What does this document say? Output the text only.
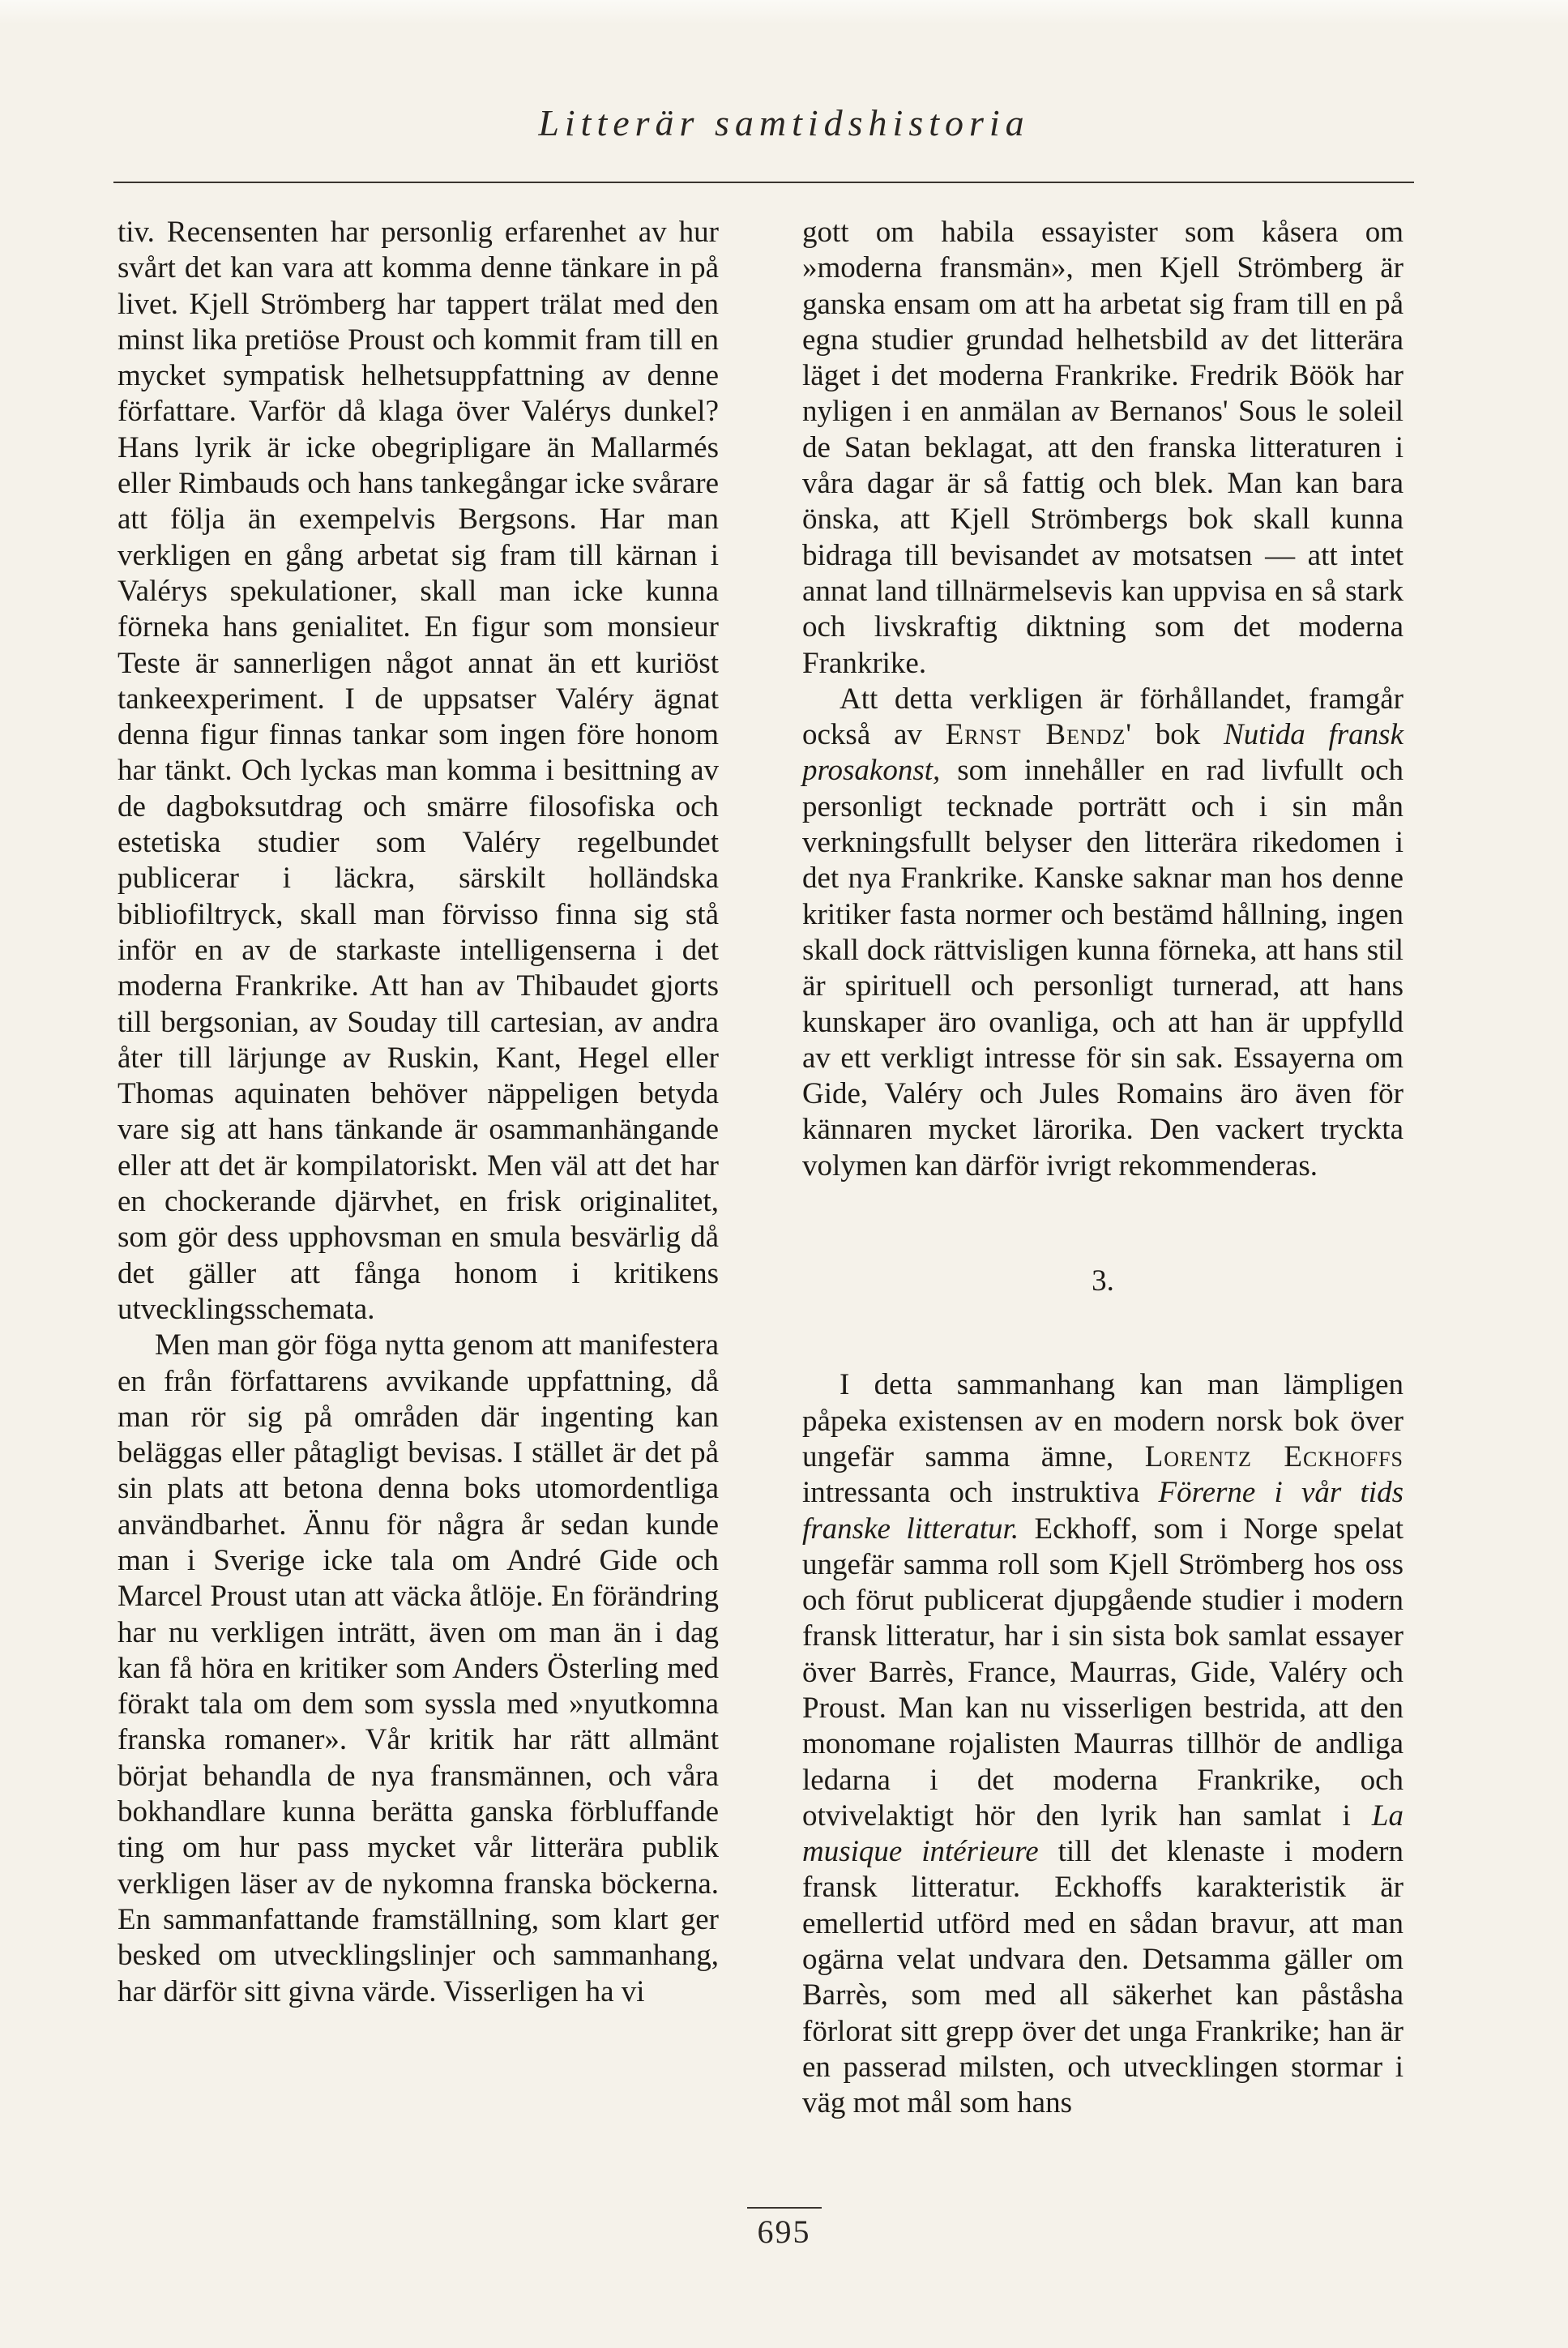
Litterär samtidshistoria

tiv. Recensenten har personlig erfarenhet av hur svårt det kan vara att komma denne tänkare in på livet. Kjell Strömberg har tappert trälat med den minst lika pretiöse Proust och kommit fram till en mycket sympatisk helhetsuppfattning av denne författare. Varför då klaga över Valérys dunkel? Hans lyrik är icke obegripligare än Mallarmés eller Rimbauds och hans tankegångar icke svårare att följa än exempelvis Bergsons. Har man verkligen en gång arbetat sig fram till kärnan i Valérys spekulationer, skall man icke kunna förneka hans genialitet. En figur som monsieur Teste är sannerligen något annat än ett kuriöst tankeexperiment. I de uppsatser Valéry ägnat denna figur finnas tankar som ingen före honom har tänkt. Och lyckas man komma i besittning av de dagboksutdrag och smärre filosofiska och estetiska studier som Valéry regelbundet publicerar i läckra, särskilt holländska bibliofiltryck, skall man förvisso finna sig stå inför en av de starkaste intelligenserna i det moderna Frankrike. Att han av Thibaudet gjorts till bergsonian, av Souday till cartesian, av andra åter till lärjunge av Ruskin, Kant, Hegel eller Thomas aquinaten behöver näppeligen betyda vare sig att hans tänkande är osammanhängande eller att det är kompilatoriskt. Men väl att det har en chockerande djärvhet, en frisk originalitet, som gör dess upphovsman en smula besvärlig då det gäller att fånga honom i kritikens utvecklingsschemata.

Men man gör föga nytta genom att manifestera en från författarens avvikande uppfattning, då man rör sig på områden där ingenting kan beläggas eller påtagligt bevisas. I stället är det på sin plats att betona denna boks utomordentliga användbarhet. Ännu för några år sedan kunde man i Sverige icke tala om André Gide och Marcel Proust utan att väcka åtlöje. En förändring har nu verkligen inträtt, även om man än i dag kan få höra en kritiker som Anders Österling med förakt tala om dem som syssla med »nyutkomna franska romaner». Vår kritik har rätt allmänt börjat behandla de nya fransmännen, och våra bokhandlare kunna berätta ganska förbluffande ting om hur pass mycket vår litterära publik verkligen läser av de nykomna franska böckerna. En sammanfattande framställning, som klart ger besked om utvecklingslinjer och sammanhang, har därför sitt givna värde. Visserligen ha vi

gott om habila essayister som kåsera om »moderna fransmän», men Kjell Strömberg är ganska ensam om att ha arbetat sig fram till en på egna studier grundad helhetsbild av det litterära läget i det moderna Frankrike. Fredrik Böök har nyligen i en anmälan av Bernanos' Sous le soleil de Satan beklagat, att den franska litteraturen i våra dagar är så fattig och blek. Man kan bara önska, att Kjell Strömbergs bok skall kunna bidraga till bevisandet av motsatsen — att intet annat land tillnärmelsevis kan uppvisa en så stark och livskraftig diktning som det moderna Frankrike.

Att detta verkligen är förhållandet, framgår också av Ernst Bendz' bok Nutida fransk prosakonst, som innehåller en rad livfullt och personligt tecknade porträtt och i sin mån verkningsfullt belyser den litterära rikedomen i det nya Frankrike. Kanske saknar man hos denne kritiker fasta normer och bestämd hållning, ingen skall dock rättvisligen kunna förneka, att hans stil är spirituell och personligt turnerad, att hans kunskaper äro ovanliga, och att han är uppfylld av ett verkligt intresse för sin sak. Essayerna om Gide, Valéry och Jules Romains äro även för kännaren mycket lärorika. Den vackert tryckta volymen kan därför ivrigt rekommenderas.

3.

I detta sammanhang kan man lämpligen påpeka existensen av en modern norsk bok över ungefär samma ämne, Lorentz Eckhoffs intressanta och instruktiva Förerne i vår tids franske litteratur. Eckhoff, som i Norge spelat ungefär samma roll som Kjell Strömberg hos oss och förut publicerat djupgående studier i modern fransk litteratur, har i sin sista bok samlat essayer över Barrès, France, Maurras, Gide, Valéry och Proust. Man kan nu visserligen bestrida, att den monomane rojalisten Maurras tillhör de andliga ledarna i det moderna Frankrike, och otvivelaktigt hör den lyrik han samlat i La musique intérieure till det klenaste i modern fransk litteratur. Eckhoffs karakteristik är emellertid utförd med en sådan bravur, att man ogärna velat undvara den. Detsamma gäller om Barrès, som med all säkerhet kan påståsha förlorat sitt grepp över det unga Frankrike; han är en passerad milsten, och utvecklingen stormar i väg mot mål som hans

695
